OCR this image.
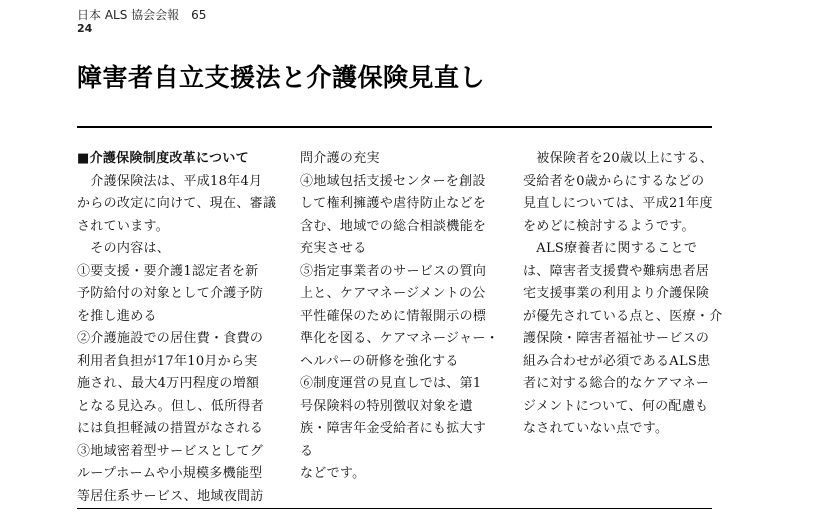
日本 ALS 協会会報　65
24
障害者自立支援法と介護保険見直し

■介護保険制度改革について

　介護保険法は、平成18年4月

からの改定に向けて、現在、審議

されています。

　その内容は、

①要支援・要介護1認定者を新

予防給付の対象として介護予防

を推し進める

②介護施設での居住費・食費の

利用者負担が17年10月から実

施され、最大4万円程度の増額

となる見込み。但し、低所得者

には負担軽減の措置がなされる

③地域密着型サービスとしてグ

ループホームや小規模多機能型

等居住系サービス、地域夜間訪

問介護の充実

④地域包括支援センターを創設

して権利擁護や虐待防止などを

含む、地域での総合相談機能を

充実させる

⑤指定事業者のサービスの質向

上と、ケアマネージメントの公

平性確保のために情報開示の標

準化を図る、ケアマネージャー・

ヘルパーの研修を強化する

⑥制度運営の見直しでは、第1

号保険料の特別徴収対象を遺

族・障害年金受給者にも拡大す

る

などです。

　被保険者を20歳以上にする、

受給者を0歳からにするなどの

見直しについては、平成21年度

をめどに検討するようです。

　ALS療養者に関することで

は、障害者支援費や難病患者居

宅支援事業の利用より介護保険

が優先されている点と、医療・介

護保険・障害者福祉サービスの

組み合わせが必須であるALS患

者に対する総合的なケアマネー

ジメントについて、何の配慮も

なされていない点です。
